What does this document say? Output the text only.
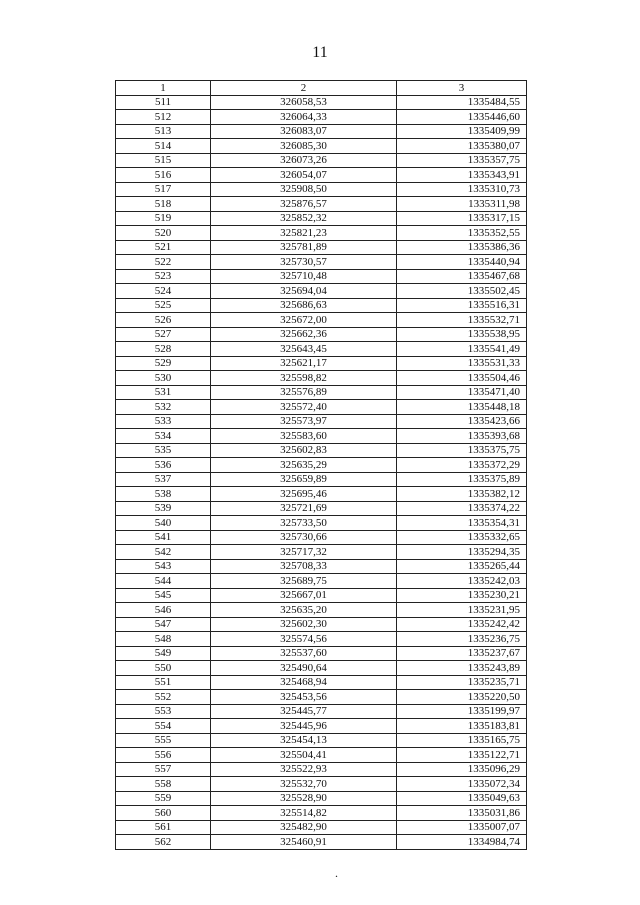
11
1	2	3
511	326058,53	1335484,55
512	326064,33	1335446,60
513	326083,07	1335409,99
514	326085,30	1335380,07
515	326073,26	1335357,75
516	326054,07	1335343,91
517	325908,50	1335310,73
518	325876,57	1335311,98
519	325852,32	1335317,15
520	325821,23	1335352,55
521	325781,89	1335386,36
522	325730,57	1335440,94
523	325710,48	1335467,68
524	325694,04	1335502,45
525	325686,63	1335516,31
526	325672,00	1335532,71
527	325662,36	1335538,95
528	325643,45	1335541,49
529	325621,17	1335531,33
530	325598,82	1335504,46
531	325576,89	1335471,40
532	325572,40	1335448,18
533	325573,97	1335423,66
534	325583,60	1335393,68
535	325602,83	1335375,75
536	325635,29	1335372,29
537	325659,89	1335375,89
538	325695,46	1335382,12
539	325721,69	1335374,22
540	325733,50	1335354,31
541	325730,66	1335332,65
542	325717,32	1335294,35
543	325708,33	1335265,44
544	325689,75	1335242,03
545	325667,01	1335230,21
546	325635,20	1335231,95
547	325602,30	1335242,42
548	325574,56	1335236,75
549	325537,60	1335237,67
550	325490,64	1335243,89
551	325468,94	1335235,71
552	325453,56	1335220,50
553	325445,77	1335199,97
554	325445,96	1335183,81
555	325454,13	1335165,75
556	325504,41	1335122,71
557	325522,93	1335096,29
558	325532,70	1335072,34
559	325528,90	1335049,63
560	325514,82	1335031,86
561	325482,90	1335007,07
562	325460,91	1334984,74
.
